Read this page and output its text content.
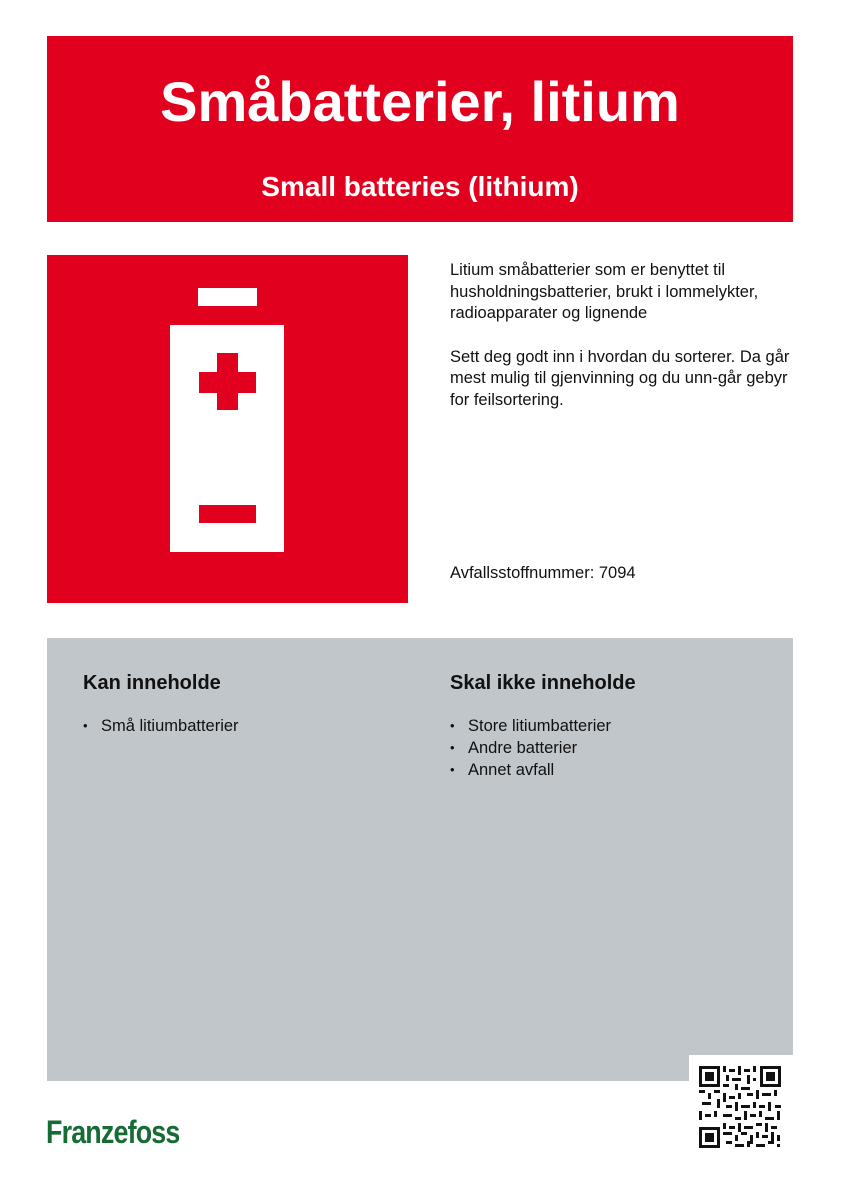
Småbatterier, litium
Small batteries (lithium)

Litium småbatterier som er benyttet til husholdningsbatterier, brukt i lommelykter, radioapparater og lignende

Sett deg godt inn i hvordan du sorterer. Da går mest mulig til gjenvinning og du unn-går gebyr for feilsortering.

Avfallsstoffnummer: 7094
Kan inneholde
• Små litiumbatterier
Skal ikke inneholde
• Store litiumbatterier
• Andre batterier
• Annet avfall
Franzefoss
